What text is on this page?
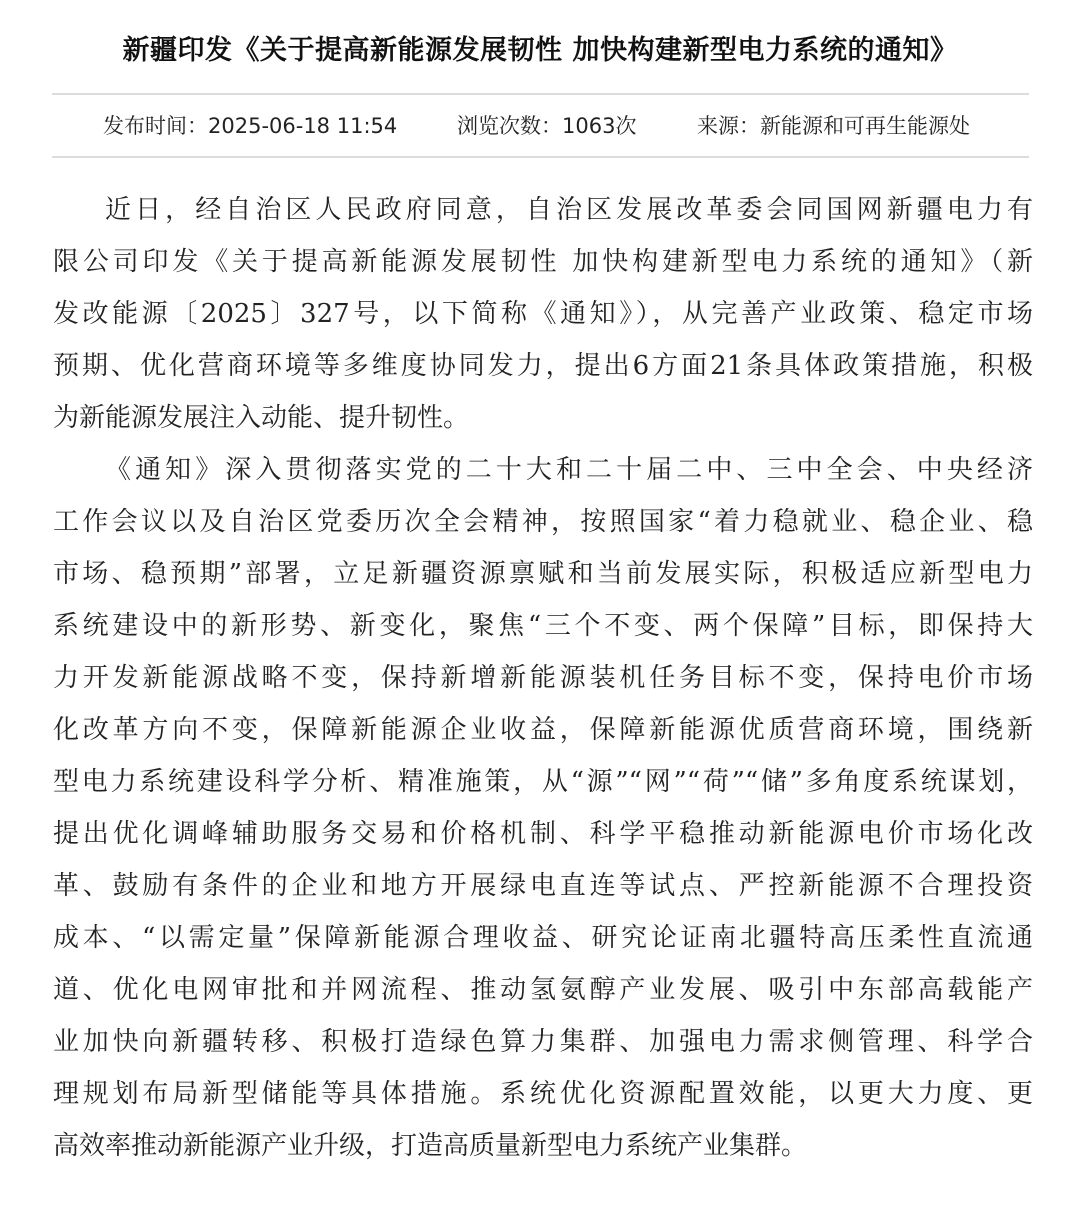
新疆印发《关于提高新能源发展韧性 加快构建新型电力系统的通知》
发布时间：2025-06-18 11:54	浏览次数：1063次	来源：新能源和可再生能源处
近日，经自治区人民政府同意，自治区发展改革委会同国网新疆电力有
限公司印发《关于提高新能源发展韧性 加快构建新型电力系统的通知》（新
发改能源〔2025〕327号，以下简称《通知》），从完善产业政策、稳定市场
预期、优化营商环境等多维度协同发力，提出6方面21条具体政策措施，积极
为新能源发展注入动能、提升韧性。
《通知》深入贯彻落实党的二十大和二十届二中、三中全会、中央经济
工作会议以及自治区党委历次全会精神，按照国家“着力稳就业、稳企业、稳
市场、稳预期”部署，立足新疆资源禀赋和当前发展实际，积极适应新型电力
系统建设中的新形势、新变化，聚焦“三个不变、两个保障”目标，即保持大
力开发新能源战略不变，保持新增新能源装机任务目标不变，保持电价市场
化改革方向不变，保障新能源企业收益，保障新能源优质营商环境，围绕新
型电力系统建设科学分析、精准施策，从“源”“网”“荷”“储”多角度系统谋划，
提出优化调峰辅助服务交易和价格机制、科学平稳推动新能源电价市场化改
革、鼓励有条件的企业和地方开展绿电直连等试点、严控新能源不合理投资
成本、“以需定量”保障新能源合理收益、研究论证南北疆特高压柔性直流通
道、优化电网审批和并网流程、推动氢氨醇产业发展、吸引中东部高载能产
业加快向新疆转移、积极打造绿色算力集群、加强电力需求侧管理、科学合
理规划布局新型储能等具体措施。系统优化资源配置效能，以更大力度、更
高效率推动新能源产业升级，打造高质量新型电力系统产业集群。
